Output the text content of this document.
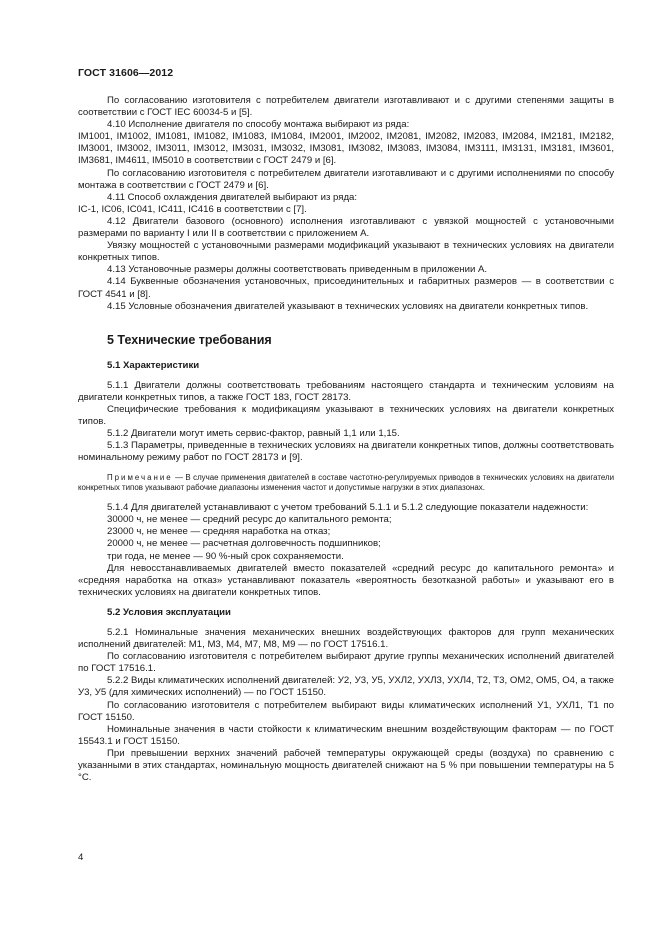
ГОСТ 31606—2012

По согласованию изготовителя с потребителем двигатели изготавливают и с другими степенями защиты в соответствии с ГОСТ IEC 60034-5 и [5].

4.10 Исполнение двигателя по способу монтажа выбирают из ряда:

IM1001, IM1002, IM1081, IM1082, IM1083, IM1084, IM2001, IM2002, IM2081, IM2082, IM2083, IM2084, IM2181, IM2182, IM3001, IM3002, IM3011, IM3012, IM3031, IM3032, IM3081, IM3082, IM3083, IM3084, IM3111, IM3131, IM3181, IM3601, IM3681, IM4611, IM5010 в соответствии с ГОСТ 2479 и [6].

По согласованию изготовителя с потребителем двигатели изготавливают и с другими исполнениями по способу монтажа в соответствии с ГОСТ 2479 и [6].

4.11 Способ охлаждения двигателей выбирают из ряда:

IC-1, IC06, IC041, IC411, IC416 в соответствии с [7].

4.12 Двигатели базового (основного) исполнения изготавливают с увязкой мощностей с установочными размерами по варианту I или II в соответствии с приложением А.

Увязку мощностей с установочными размерами модификаций указывают в технических условиях на двигатели конкретных типов.

4.13 Установочные размеры должны соответствовать приведенным в приложении А.

4.14 Буквенные обозначения установочных, присоединительных и габаритных размеров — в соответствии с ГОСТ 4541 и [8].

4.15 Условные обозначения двигателей указывают в технических условиях на двигатели конкретных типов.

5 Технические требования
5.1 Характеристики

5.1.1 Двигатели должны соответствовать требованиям настоящего стандарта и техническим условиям на двигатели конкретных типов, а также ГОСТ 183, ГОСТ 28173.

Специфические требования к модификациям указывают в технических условиях на двигатели конкретных типов.

5.1.2 Двигатели могут иметь сервис-фактор, равный 1,1 или 1,15.

5.1.3 Параметры, приведенные в технических условиях на двигатели конкретных типов, должны соответствовать номинальному режиму работ по ГОСТ 28173 и [9].

Примечание — В случае применения двигателей в составе частотно-регулируемых приводов в технических условиях на двигатели конкретных типов указывают рабочие диапазоны изменения частот и допустимые нагрузки в этих диапазонах.

5.1.4 Для двигателей устанавливают с учетом требований 5.1.1 и 5.1.2 следующие показатели надежности:

30000 ч, не менее — средний ресурс до капитального ремонта;

23000 ч, не менее — средняя наработка на отказ;

20000 ч, не менее — расчетная долговечность подшипников;

три года, не менее — 90 %-ный срок сохраняемости.

Для невосстанавливаемых двигателей вместо показателей «средний ресурс до капитального ремонта» и «средняя наработка на отказ» устанавливают показатель «вероятность безотказной работы» и указывают его в технических условиях на двигатели конкретных типов.

5.2 Условия эксплуатации

5.2.1 Номинальные значения механических внешних воздействующих факторов для групп механических исполнений двигателей: М1, М3, М4, М7, М8, М9 — по ГОСТ 17516.1.

По согласованию изготовителя с потребителем выбирают другие группы механических исполнений двигателей по ГОСТ 17516.1.

5.2.2 Виды климатических исполнений двигателей: У2, У3, У5, УХЛ2, УХЛ3, УХЛ4, Т2, Т3, ОМ2, ОМ5, О4, а также У3, У5 (для химических исполнений) — по ГОСТ 15150.

По согласованию изготовителя с потребителем выбирают виды климатических исполнений У1, УХЛ1, Т1 по ГОСТ 15150.

Номинальные значения в части стойкости к климатическим внешним воздействующим факторам — по ГОСТ 15543.1 и ГОСТ 15150.

При превышении верхних значений рабочей температуры окружающей среды (воздуха) по сравнению с указанными в этих стандартах, номинальную мощность двигателей снижают на 5 % при повышении температуры на 5 °С.

4
